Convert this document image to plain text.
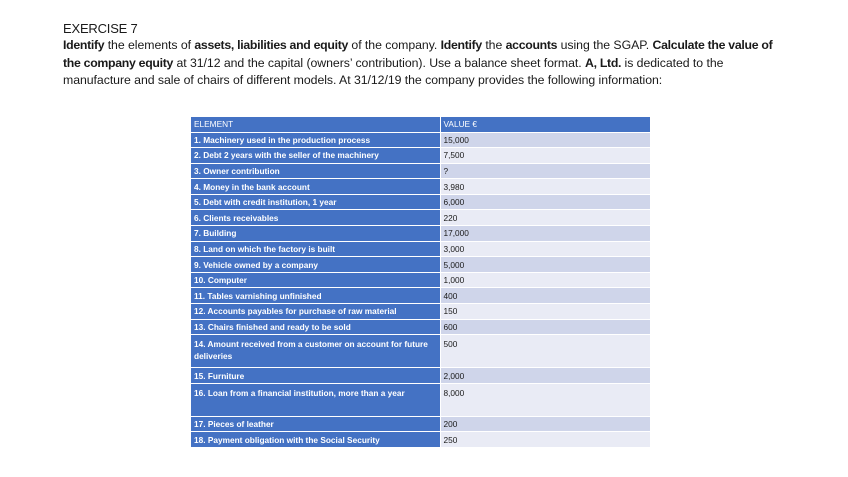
EXERCISE 7

Identify the elements of assets, liabilities and equity of the company. Identify the accounts using the SGAP. Calculate the value of the company equity at 31/12 and the capital (owners’ contribution). Use a balance sheet format. A, Ltd. is dedicated to the manufacture and sale of chairs of different models. At 31/12/19 the company provides the following information:

ELEMENT	VALUE €
1. Machinery used in the production process	15,000
2. Debt 2 years with the seller of the machinery	7,500
3. Owner contribution	?
4. Money in the bank account	3,980
5. Debt with credit institution, 1 year	6,000
6. Clients receivables	220
7. Building	17,000
8. Land on which the factory is built	3,000
9. Vehicle owned by a company	5,000
10. Computer	1,000
11. Tables varnishing unfinished	400
12. Accounts payables for purchase of raw material	150
13. Chairs finished and ready to be sold	600
14. Amount received from a customer on account for future deliveries	500
15. Furniture	2,000
16. Loan from a financial institution, more than a year	8,000
17. Pieces of leather	200
18. Payment obligation with the Social Security	250
